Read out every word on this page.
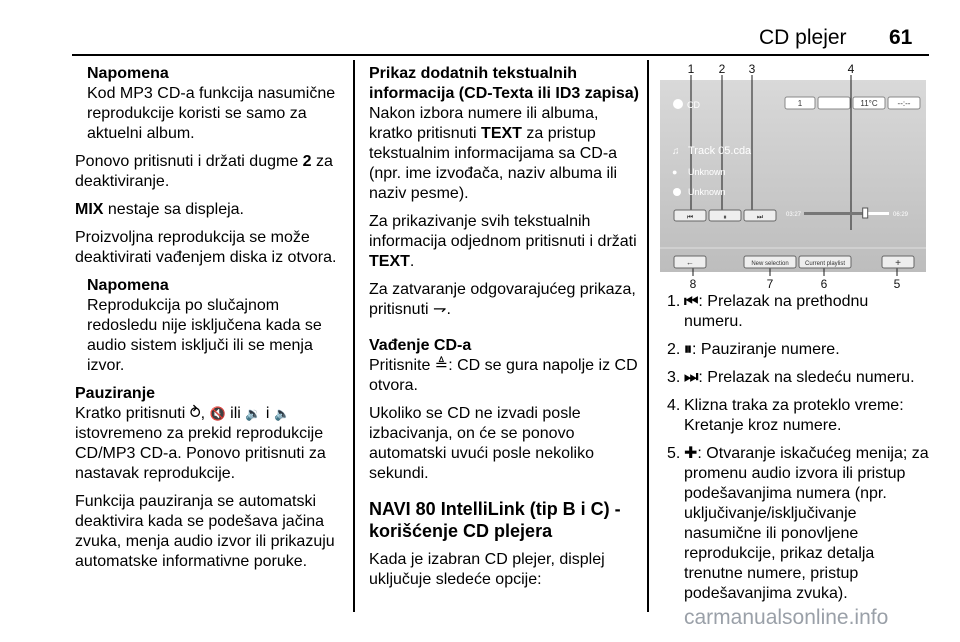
CD plejer 61
Napomena
Kod MP3 CD-a funkcija nasumične reprodukcije koristi se samo za aktuelni album.

Ponovo pritisnuti i držati dugme 2 za deaktiviranje.

MIX nestaje sa displeja.

Proizvoljna reprodukcija se može deaktivirati vađenjem diska iz otvora.

Napomena
Reprodukcija po slučajnom redosledu nije isključena kada se audio sistem isključi ili se menja izvor.
Pauziranje

Kratko pritisnuti ⥁, 🔇 ili 🔉 i 🔈 istovremeno za prekid reprodukcije CD/MP3 CD-a. Ponovo pritisnuti za nastavak reprodukcije.

Funkcija pauziranja se automatski deaktivira kada se podešava jačina zvuka, menja audio izvor ili prikazuju automatske informativne poruke.

Prikaz dodatnih tekstualnih informacija (CD-Texta ili ID3 zapisa)

Nakon izbora numere ili albuma, kratko pritisnuti TEXT za pristup tekstualnim informacijama sa CD-a (npr. ime izvođača, naziv albuma ili naziv pesme).

Za prikazivanje svih tekstualnih informacija odjednom pritisnuti i držati TEXT.

Za zatvaranje odgovarajućeg prikaza, pritisnuti ⇁.

Vađenje CD-a

Pritisnite ≜: CD se gura napolje iz CD otvora.

Ukoliko se CD ne izvadi posle izbacivanja, on će se ponovo automatski uvući posle nekoliko sekundi.

NAVI 80 IntelliLink (tip B i C) - korišćenje CD plejera

Kada je izabran CD plejer, displej uključuje sledeće opcije:

1 2 3	4
8	7	6	5
CD	1	11°C --:--
♫ Track 05.cda
● Unknown
Unknown
⏮	⏸	⏭	03:27	06:29
←	New selection	Current playlist	+
1. ⏮: Prelazak na prethodnu numeru.
2. ⏸: Pauziranje numere.
3. ⏭: Prelazak na sledeću numeru.
4. Klizna traka za proteklo vreme: Kretanje kroz numere.
5. ✚: Otvaranje iskačućeg menija; za promenu audio izvora ili pristup podešavanjima numera (npr. uključivanje/isključivanje nasumične ili ponovljene reprodukcije, prikaz detalja trenutne numere, pristup podešavanjima zvuka).
carmanualsonline.info
